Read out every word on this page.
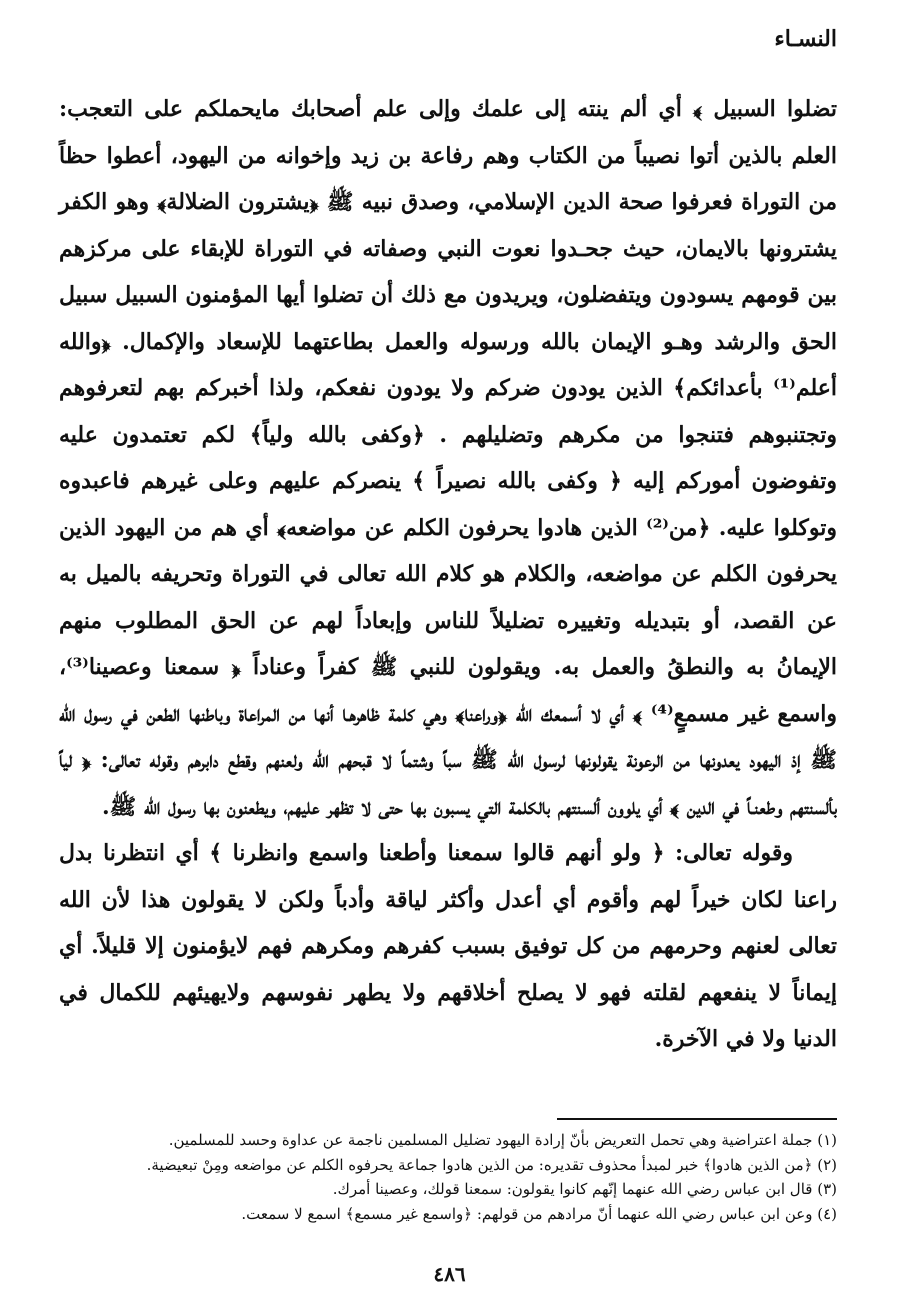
النسـاء

تضلوا السبيل ﴾ أي ألم ينته إلى علمك وإلى علم أصحابك مايحملكم على التعجب: العلم بالذين أتوا نصيباً من الكتاب وهم رفاعة بن زيد وإخوانه من اليهود، أعطوا حظاً من التوراة فعرفوا صحة الدين الإسلامي، وصدق نبيه ﷺ ﴿يشترون الضلالة﴾ وهو الكفر يشترونها بالايمان، حيث جحـدوا نعوت النبي وصفاته في التوراة للإبقاء على مركزهم بين قومهم يسودون ويتفضلون، ويريدون مع ذلك أن تضلوا أيها المؤمنون السبيل سبيل الحق والرشد وهـو الإيمان بالله ورسوله والعمل بطاعتهما للإسعاد والإكمال. ﴿والله أعلم⁽¹⁾ بأعدائكم﴾ الذين يودون ضركم ولا يودون نفعكم، ولذا أخبركم بهم لتعرفوهم وتجتنبوهم فتنجوا من مكرهم وتضليلهم . ﴿وكفى بالله ولياً﴾ لكم تعتمدون عليه وتفوضون أموركم إليه ﴿ وكفى بالله نصيراً ﴾ ينصركم عليهم وعلى غيرهم فاعبدوه وتوكلوا عليه. ﴿من⁽²⁾ الذين هادوا يحرفون الكلم عن مواضعه﴾ أي هم من اليهود الذين يحرفون الكلم عن مواضعه، والكلام هو كلام الله تعالى في التوراة وتحريفه بالميل به عن القصد، أو بتبديله وتغييره تضليلاً للناس وإبعاداً لهم عن الحق المطلوب منهم الإيمانُ به والنطقُ والعمل به. ويقولون للنبي ﷺ كفراً وعناداً ﴿ سمعنا وعصينا⁽³⁾، واسمع غير مسمعٍ⁽⁴⁾ ﴾ أي لا أسمعك الله ﴿وراعنا﴾ وهي كلمة ظاهرهـا أنها من المراعاة وباطنها الطعن في رسول الله ﷺ إذ اليهود يعدونها من الرعونة يقولونها لرسول الله ﷺ سباً وشتماً لا قبحهم الله ولعنهم وقطع دابرهم وقوله تعالى: ﴿ لياً بألسنتهم وطعنـاً في الدين ﴾ أي يلوون ألسنتهم بالكلمة التي يسبون بها حتى لا تظهر عليهم، ويطعنون بها رسول الله ﷺ.

وقوله تعالى: ﴿ ولو أنهم قالوا سمعنا وأطعنا واسمع وانظرنا ﴾ أي انتظرنا بدل راعنا لكان خيراً لهم وأقوم أي أعدل وأكثر لياقة وأدباً ولكن لا يقولون هذا لأن الله تعالى لعنهم وحرمهم من كل توفيق بسبب كفرهم ومكرهم فهم لايؤمنون إلا قليلاً. أي إيماناً لا ينفعهم لقلته فهو لا يصلح أخلاقهم ولا يطهر نفوسهم ولايهيئهم للكمال في الدنيا ولا في الآخرة.

(١) جملة اعتراضية وهي تحمل التعريض بأنّ إرادة اليهود تضليل المسلمين ناجمة عن عداوة وحسد للمسلمين.
(٢) ﴿من الذين هادوا﴾ خبر لمبدأ محذوف تقديره: من الذين هادوا جماعة يحرفوه الكلم عن مواضعه ومِنْ تبعيضية.
(٣) قال ابن عباس رضي الله عنهما إنّهم كانوا يقولون: سمعنا قولك، وعصينا أمرك.
(٤) وعن ابن عباس رضي الله عنهما أنّ مرادهم من قولهم: ﴿واسمع غير مسمع﴾ اسمع لا سمعت.
٤٨٦
